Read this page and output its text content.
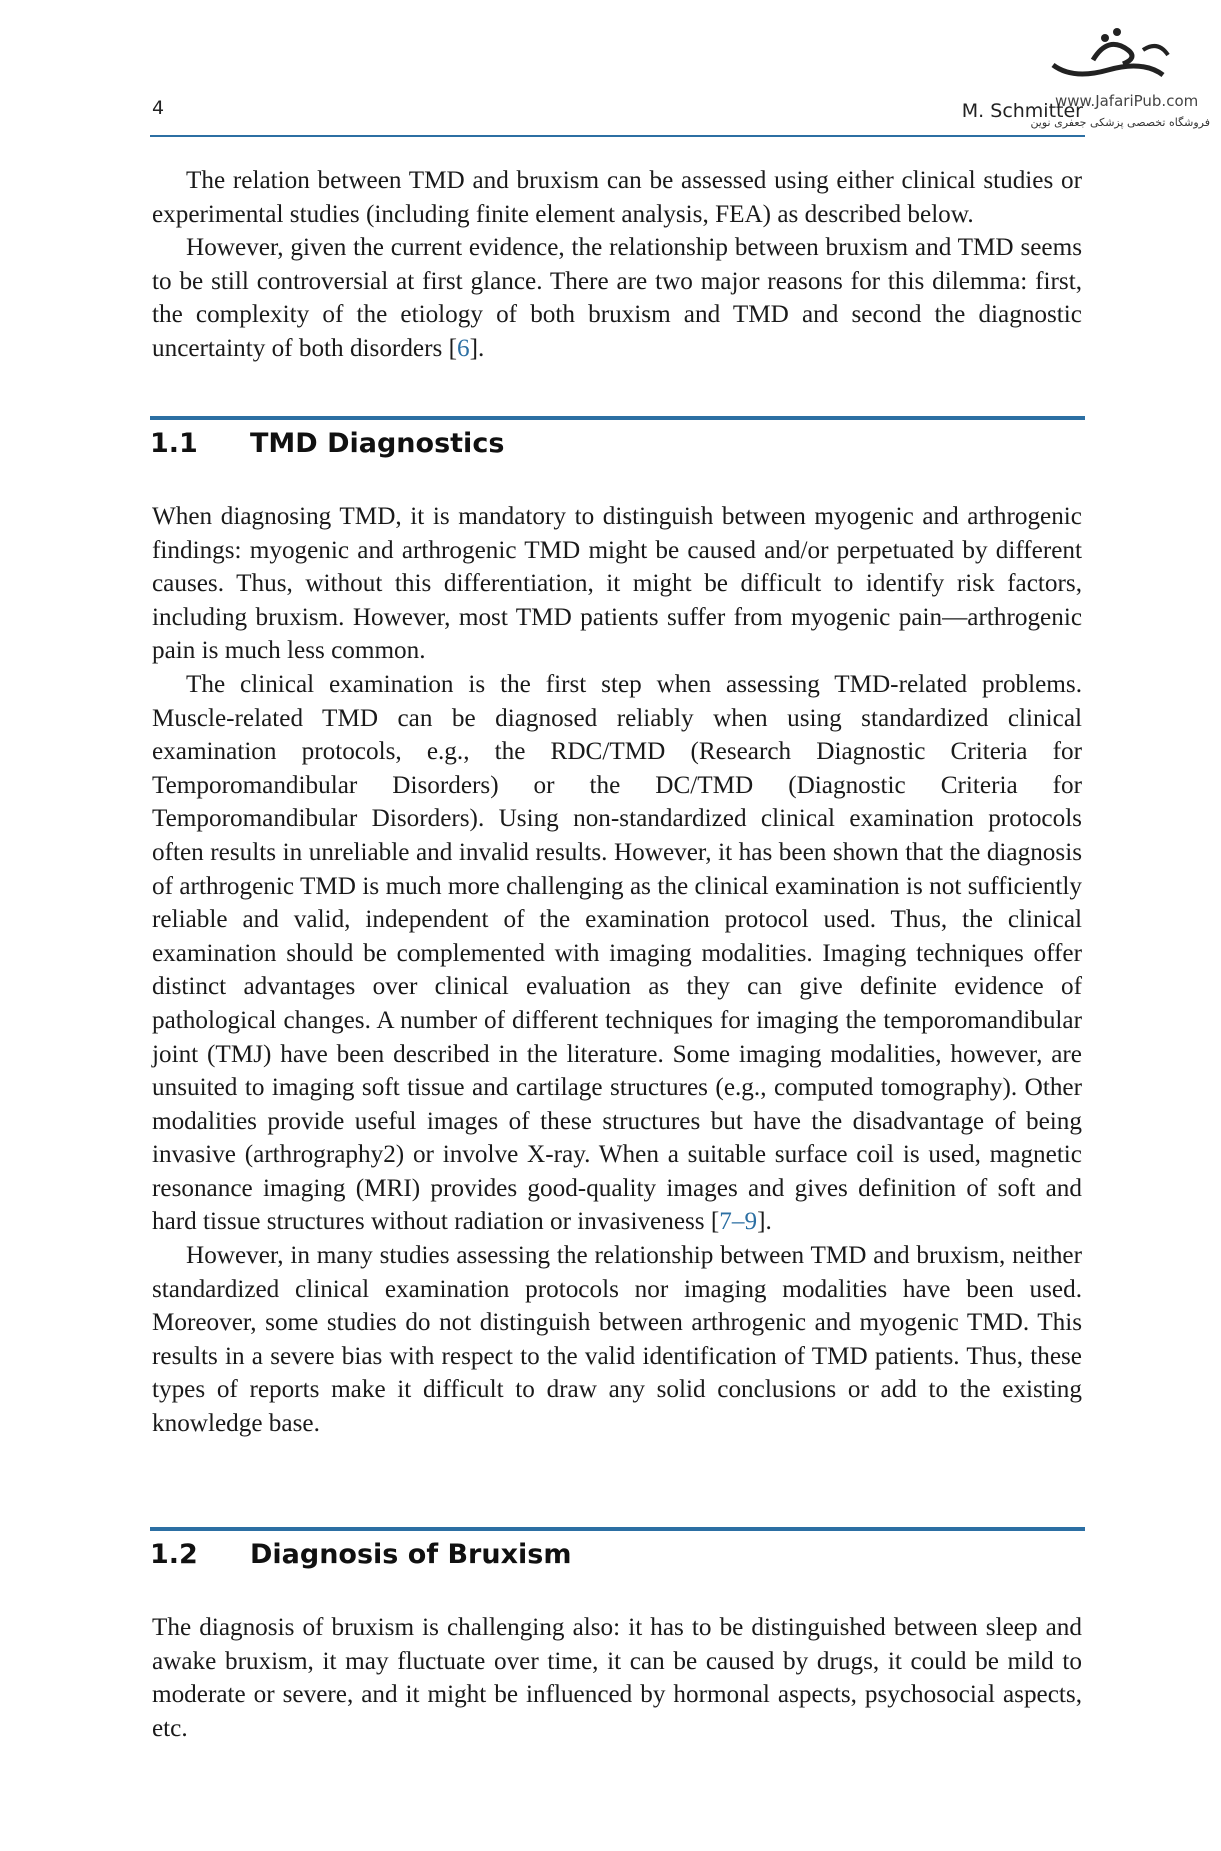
www.JafariPub.com
فروشگاه تخصصی پزشکی جعفری نوین
4	M. Schmitter

The relation between TMD and bruxism can be assessed using either clinical studies or experimental studies (including finite element analysis, FEA) as described below.

However, given the current evidence, the relationship between bruxism and TMD seems to be still controversial at first glance. There are two major reasons for this dilemma: first, the complexity of the etiology of both bruxism and TMD and second the diagnostic uncertainty of both disorders [6].

1.1 TMD Diagnostics

When diagnosing TMD, it is mandatory to distinguish between myogenic and arthrogenic findings: myogenic and arthrogenic TMD might be caused and/or perpetuated by different causes. Thus, without this differentiation, it might be difficult to identify risk factors, including bruxism. However, most TMD patients suffer from myogenic pain—arthrogenic pain is much less common.

The clinical examination is the first step when assessing TMD-related problems. Muscle-related TMD can be diagnosed reliably when using standardized clinical examination protocols, e.g., the RDC/TMD (Research Diagnostic Criteria for Temporomandibular Disorders) or the DC/TMD (Diagnostic Criteria for Temporomandibular Disorders). Using non-standardized clinical examination protocols often results in unreliable and invalid results. However, it has been shown that the diagnosis of arthrogenic TMD is much more challenging as the clinical examination is not sufficiently reliable and valid, independent of the examination protocol used. Thus, the clinical examination should be complemented with imaging modalities. Imaging techniques offer distinct advantages over clinical evaluation as they can give definite evidence of pathological changes. A number of different techniques for imaging the temporomandibular joint (TMJ) have been described in the literature. Some imaging modalities, however, are unsuited to imaging soft tissue and cartilage structures (e.g., computed tomography). Other modalities provide useful images of these structures but have the disadvantage of being invasive (arthrography2) or involve X-ray. When a suitable surface coil is used, magnetic resonance imaging (MRI) provides good-quality images and gives definition of soft and hard tissue structures without radiation or invasiveness [7–9].

However, in many studies assessing the relationship between TMD and bruxism, neither standardized clinical examination protocols nor imaging modalities have been used. Moreover, some studies do not distinguish between arthrogenic and myogenic TMD. This results in a severe bias with respect to the valid identification of TMD patients. Thus, these types of reports make it difficult to draw any solid conclusions or add to the existing knowledge base.

1.2 Diagnosis of Bruxism

The diagnosis of bruxism is challenging also: it has to be distinguished between sleep and awake bruxism, it may fluctuate over time, it can be caused by drugs, it could be mild to moderate or severe, and it might be influenced by hormonal aspects, psychosocial aspects, etc.
